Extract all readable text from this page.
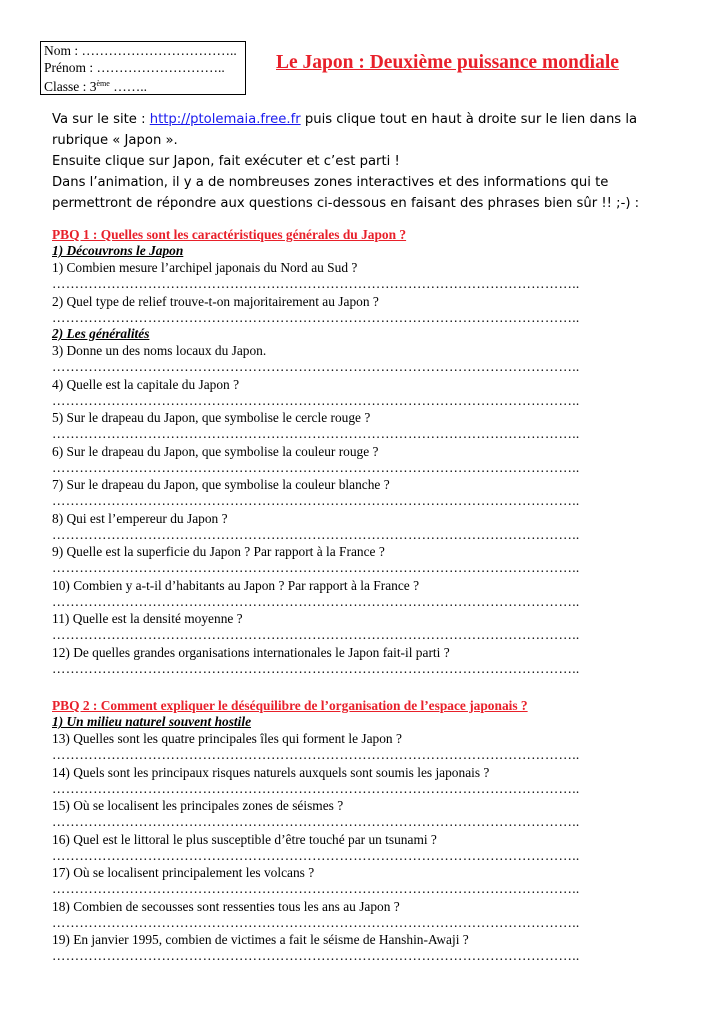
Nom : ……………………………..
Prénom : ………………………..
Classe : 3ème ……..
Le Japon : Deuxième puissance mondiale

Va sur le site : http://ptolemaia.free.fr puis clique tout en haut à droite sur le lien dans la rubrique « Japon ».

Ensuite clique sur Japon, fait exécuter et c’est parti !

Dans l’animation, il y a de nombreuses zones interactives et des informations qui te permettront de répondre aux questions ci-dessous en faisant des phrases bien sûr !! ;-) :

PBQ 1 : Quelles sont les caractéristiques générales du Japon ?
1) Découvrons le Japon
1) Combien mesure l’archipel japonais du Nord au Sud ?
……………………………………………………………………………………………………..
2) Quel type de relief trouve-t-on majoritairement au Japon ?
……………………………………………………………………………………………………..
2) Les généralités
3) Donne un des noms locaux du Japon.
……………………………………………………………………………………………………..
4) Quelle est la capitale du Japon ?
……………………………………………………………………………………………………..
5) Sur le drapeau du Japon, que symbolise le cercle rouge ?
……………………………………………………………………………………………………..
6) Sur le drapeau du Japon, que symbolise la couleur rouge ?
……………………………………………………………………………………………………..
7) Sur le drapeau du Japon, que symbolise la couleur blanche ?
……………………………………………………………………………………………………..
8) Qui est l’empereur du Japon ?
……………………………………………………………………………………………………..
9) Quelle est la superficie du Japon ? Par rapport à la France ?
……………………………………………………………………………………………………..
10) Combien y a-t-il d’habitants au Japon ? Par rapport à la France ?
……………………………………………………………………………………………………..
11) Quelle est la densité moyenne ?
……………………………………………………………………………………………………..
12) De quelles grandes organisations internationales le Japon fait-il parti ?
……………………………………………………………………………………………………..
PBQ 2 : Comment expliquer le déséquilibre de l’organisation de l’espace japonais ?
1) Un milieu naturel souvent hostile
13) Quelles sont les quatre principales îles qui forment le Japon ?
……………………………………………………………………………………………………..
14) Quels sont les principaux risques naturels auxquels sont soumis les japonais ?
……………………………………………………………………………………………………..
15) Où se localisent les principales zones de séismes ?
……………………………………………………………………………………………………..
16) Quel est le littoral le plus susceptible d’être touché par un tsunami ?
……………………………………………………………………………………………………..
17) Où se localisent principalement les volcans ?
……………………………………………………………………………………………………..
18) Combien de secousses sont ressenties tous les ans au Japon ?
……………………………………………………………………………………………………..
19) En janvier 1995, combien de victimes a fait le séisme de Hanshin-Awaji ?
……………………………………………………………………………………………………..
